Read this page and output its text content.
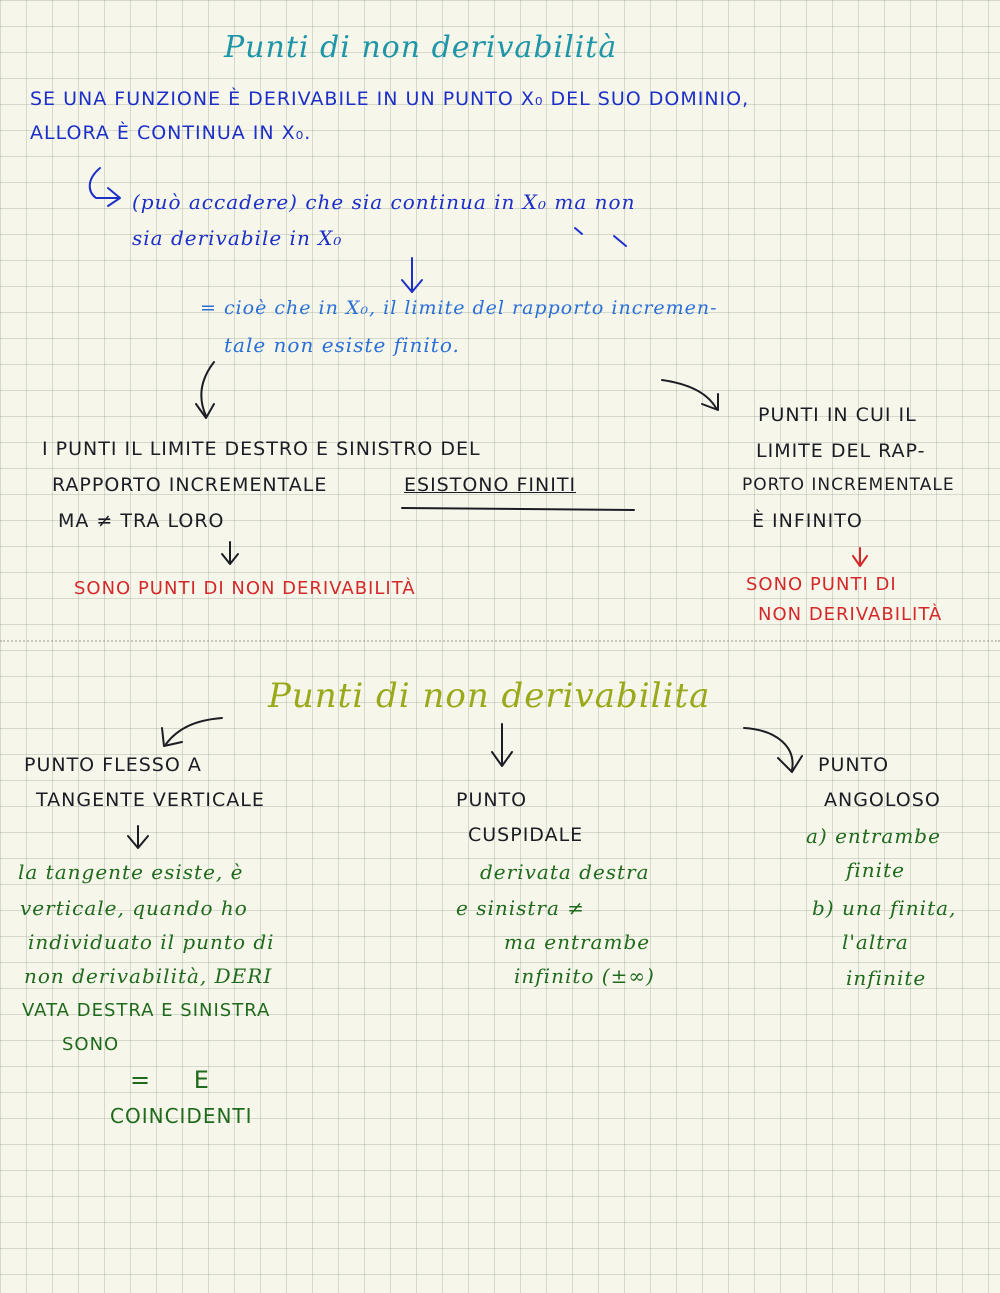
Punti di non derivabilità
SE UNA FUNZIONE È DERIVABILE IN UN PUNTO X₀ DEL SUO DOMINIO,
ALLORA È CONTINUA IN X₀.
(può accadere) che sia continua in X₀ ma non
sia derivabile in X₀
= cioè che in X₀, il limite del rapporto incremen-
tale non esiste finito.
I PUNTI IL LIMITE DESTRO E SINISTRO DEL
RAPPORTO INCREMENTALE	ESISTONO FINITI
MA ≠ TRA LORO
SONO PUNTI DI NON DERIVABILITÀ
PUNTI IN CUI IL
LIMITE DEL RAP-
PORTO INCREMENTALE
È INFINITO
SONO PUNTI DI
NON DERIVABILITÀ
Punti di non derivabilita
PUNTO FLESSO A
TANGENTE VERTICALE
la tangente esiste, è
verticale, quando ho
individuato il punto di
non derivabilità, DERI
VATA DESTRA E SINISTRA
SONO
= E
COINCIDENTI
PUNTO
CUSPIDALE
derivata destra
e sinistra ≠
ma entrambe
infinito (±∞)
PUNTO
ANGOLOSO
a) entrambe
finite
b) una finita,
l'altra
infinite
